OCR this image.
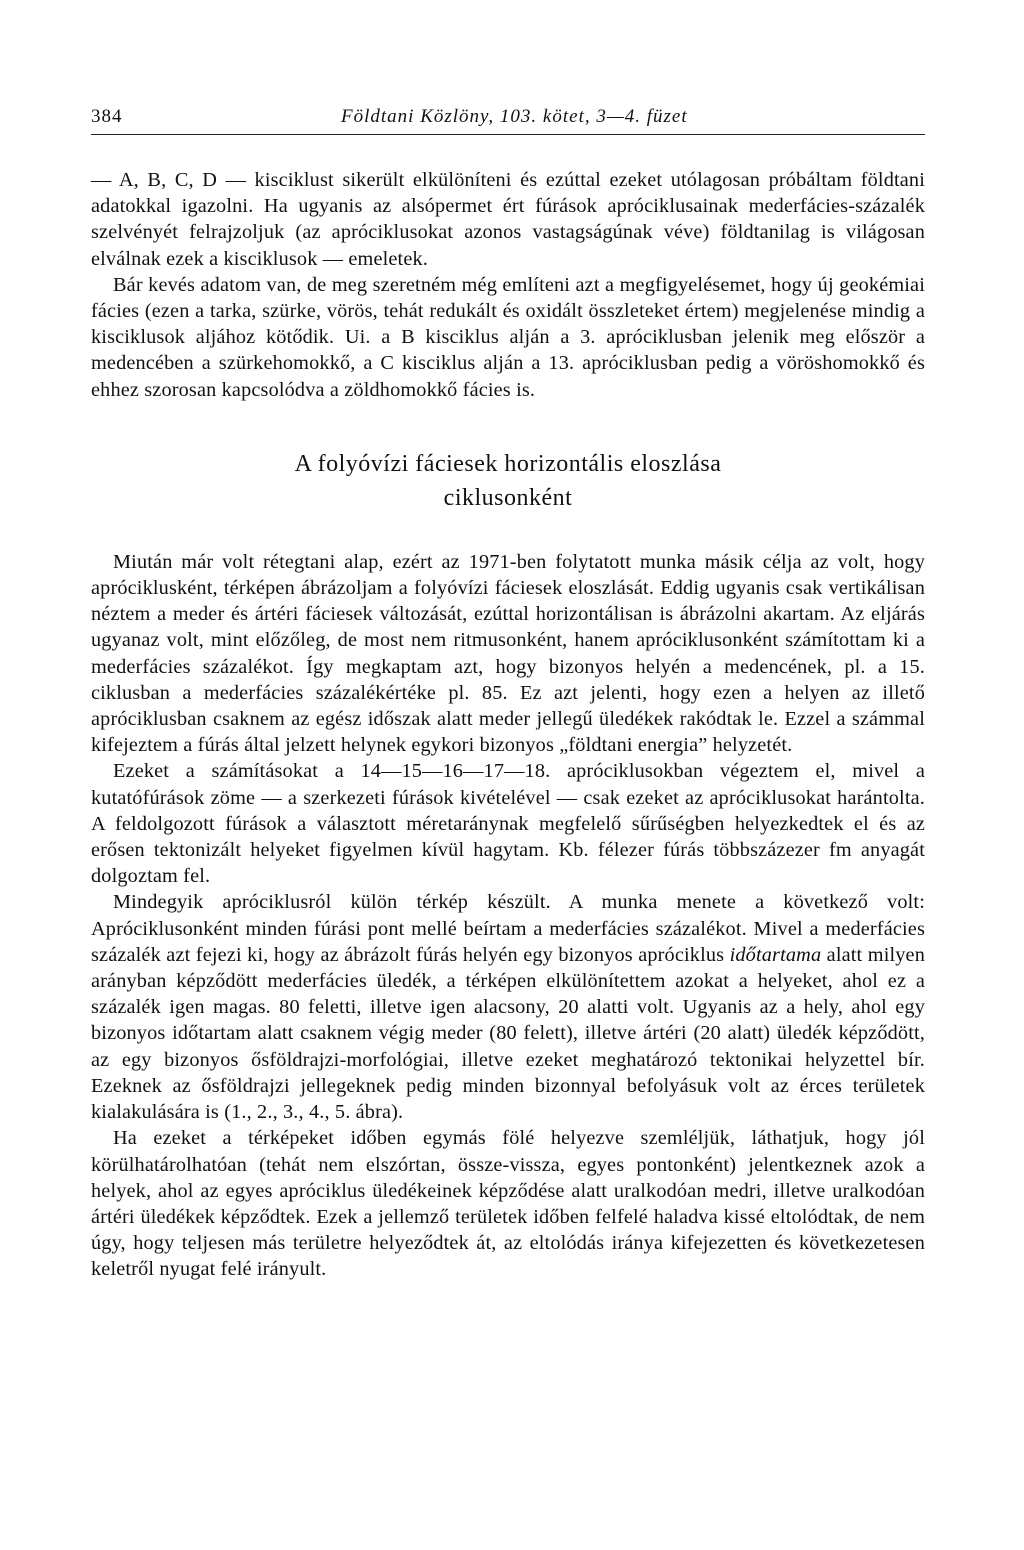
384	Földtani Közlöny, 103. kötet, 3—4. füzet

— A, B, C, D — kisciklust sikerült elkülöníteni és ezúttal ezeket utólagosan próbáltam földtani adatokkal igazolni. Ha ugyanis az alsópermet ért fúrások apróciklusainak mederfácies-százalék szelvényét felrajzoljuk (az apróciklusokat azonos vastagságúnak véve) földtanilag is világosan elválnak ezek a kisciklusok — emeletek.

Bár kevés adatom van, de meg szeretném még említeni azt a megfigyelésemet, hogy új geokémiai fácies (ezen a tarka, szürke, vörös, tehát redukált és oxidált összleteket értem) megjelenése mindig a kisciklusok aljához kötődik. Ui. a B kisciklus alján a 3. apróciklusban jelenik meg először a medencében a szürkehomokkő, a C kisciklus alján a 13. apróciklusban pedig a vöröshomokkő és ehhez szorosan kapcsolódva a zöldhomokkő fácies is.

A folyóvízi fáciesek horizontális eloszlása
ciklusonként

Miután már volt rétegtani alap, ezért az 1971-ben folytatott munka másik célja az volt, hogy apróciklusként, térképen ábrázoljam a folyóvízi fáciesek eloszlását. Eddig ugyanis csak vertikálisan néztem a meder és ártéri fáciesek változását, ezúttal horizontálisan is ábrázolni akartam. Az eljárás ugyanaz volt, mint előzőleg, de most nem ritmusonként, hanem apróciklusonként számítottam ki a mederfácies százalékot. Így megkaptam azt, hogy bizonyos helyén a medencének, pl. a 15. ciklusban a mederfácies százalékértéke pl. 85. Ez azt jelenti, hogy ezen a helyen az illető apróciklusban csaknem az egész időszak alatt meder jellegű üledékek rakódtak le. Ezzel a számmal kifejeztem a fúrás által jelzett helynek egykori bizonyos „földtani energia” helyzetét.

Ezeket a számításokat a 14—15—16—17—18. apróciklusokban végeztem el, mivel a kutatófúrások zöme — a szerkezeti fúrások kivételével — csak ezeket az apróciklusokat harántolta. A feldolgozott fúrások a választott méretaránynak megfelelő sűrűségben helyezkedtek el és az erősen tektonizált helyeket figyelmen kívül hagytam. Kb. félezer fúrás többszázezer fm anyagát dolgoztam fel.

Mindegyik apróciklusról külön térkép készült. A munka menete a következő volt: Apróciklusonként minden fúrási pont mellé beírtam a mederfácies százalékot. Mivel a mederfácies százalék azt fejezi ki, hogy az ábrázolt fúrás helyén egy bizonyos apróciklus időtartama alatt milyen arányban képződött mederfácies üledék, a térképen elkülönítettem azokat a helyeket, ahol ez a százalék igen magas. 80 feletti, illetve igen alacsony, 20 alatti volt. Ugyanis az a hely, ahol egy bizonyos időtartam alatt csaknem végig meder (80 felett), illetve ártéri (20 alatt) üledék képződött, az egy bizonyos ősföldrajzi-morfológiai, illetve ezeket meghatározó tektonikai helyzettel bír. Ezeknek az ősföldrajzi jellegeknek pedig minden bizonnyal befolyásuk volt az érces területek kialakulására is (1., 2., 3., 4., 5. ábra).

Ha ezeket a térképeket időben egymás fölé helyezve szemléljük, láthatjuk, hogy jól körülhatárolhatóan (tehát nem elszórtan, össze-vissza, egyes pontonként) jelentkeznek azok a helyek, ahol az egyes apróciklus üledékeinek képződése alatt uralkodóan medri, illetve uralkodóan ártéri üledékek képződtek. Ezek a jellemző területek időben felfelé haladva kissé eltolódtak, de nem úgy, hogy teljesen más területre helyeződtek át, az eltolódás iránya kifejezetten és következetesen keletről nyugat felé irányult.
